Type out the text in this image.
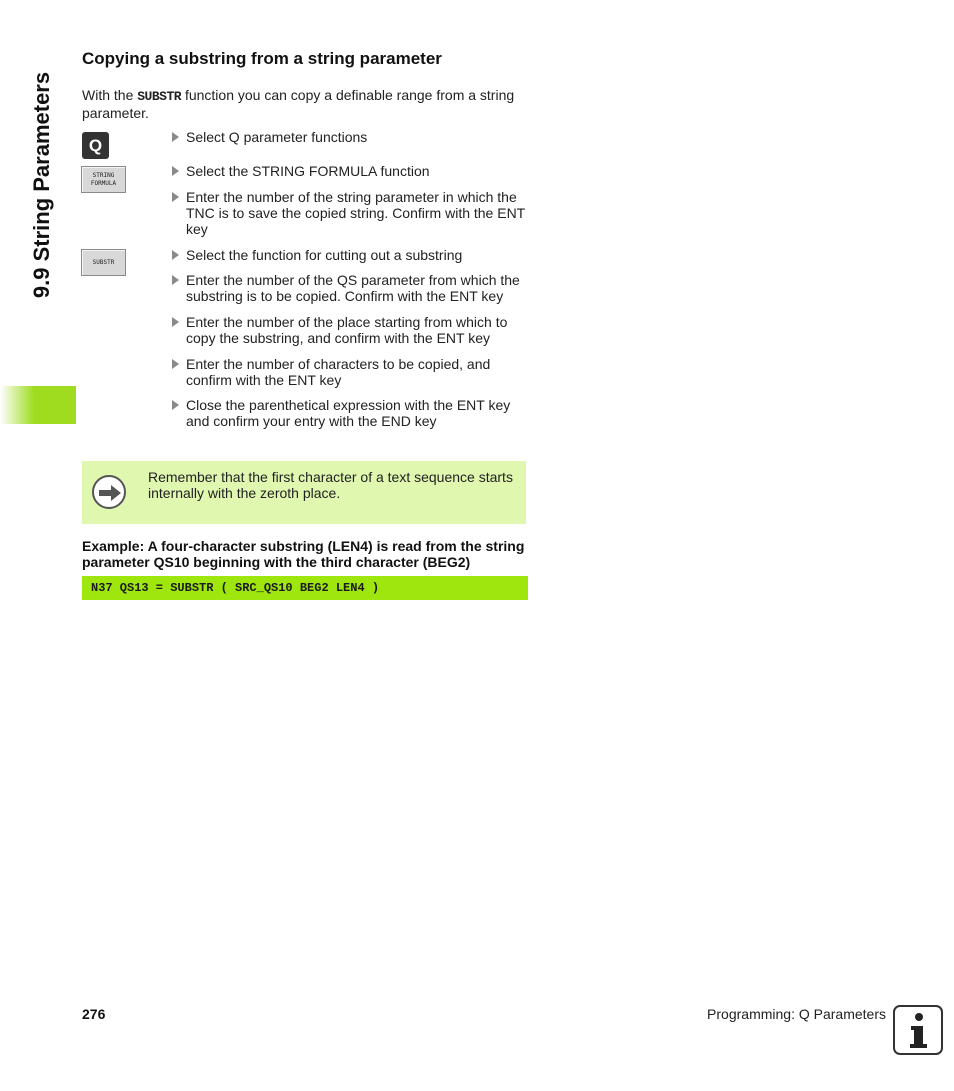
9.9 String Parameters
Copying a substring from a string parameter
With the SUBSTR function you can copy a definable range from a string parameter.
Q
STRING
FORMULA
SUBSTR
Select Q parameter functions
Select the STRING FORMULA function
Enter the number of the string parameter in which the TNC is to save the copied string. Confirm with the ENT key
Select the function for cutting out a substring
Enter the number of the QS parameter from which the substring is to be copied. Confirm with the ENT key
Enter the number of the place starting from which to copy the substring, and confirm with the ENT key
Enter the number of characters to be copied, and confirm with the ENT key
Close the parenthetical expression with the ENT key and confirm your entry with the END key
Remember that the first character of a text sequence starts internally with the zeroth place.
Example: A four-character substring (LEN4) is read from the string parameter QS10 beginning with the third character (BEG2)
N37 QS13 = SUBSTR ( SRC_QS10 BEG2 LEN4 )
276	Programming: Q Parameters
